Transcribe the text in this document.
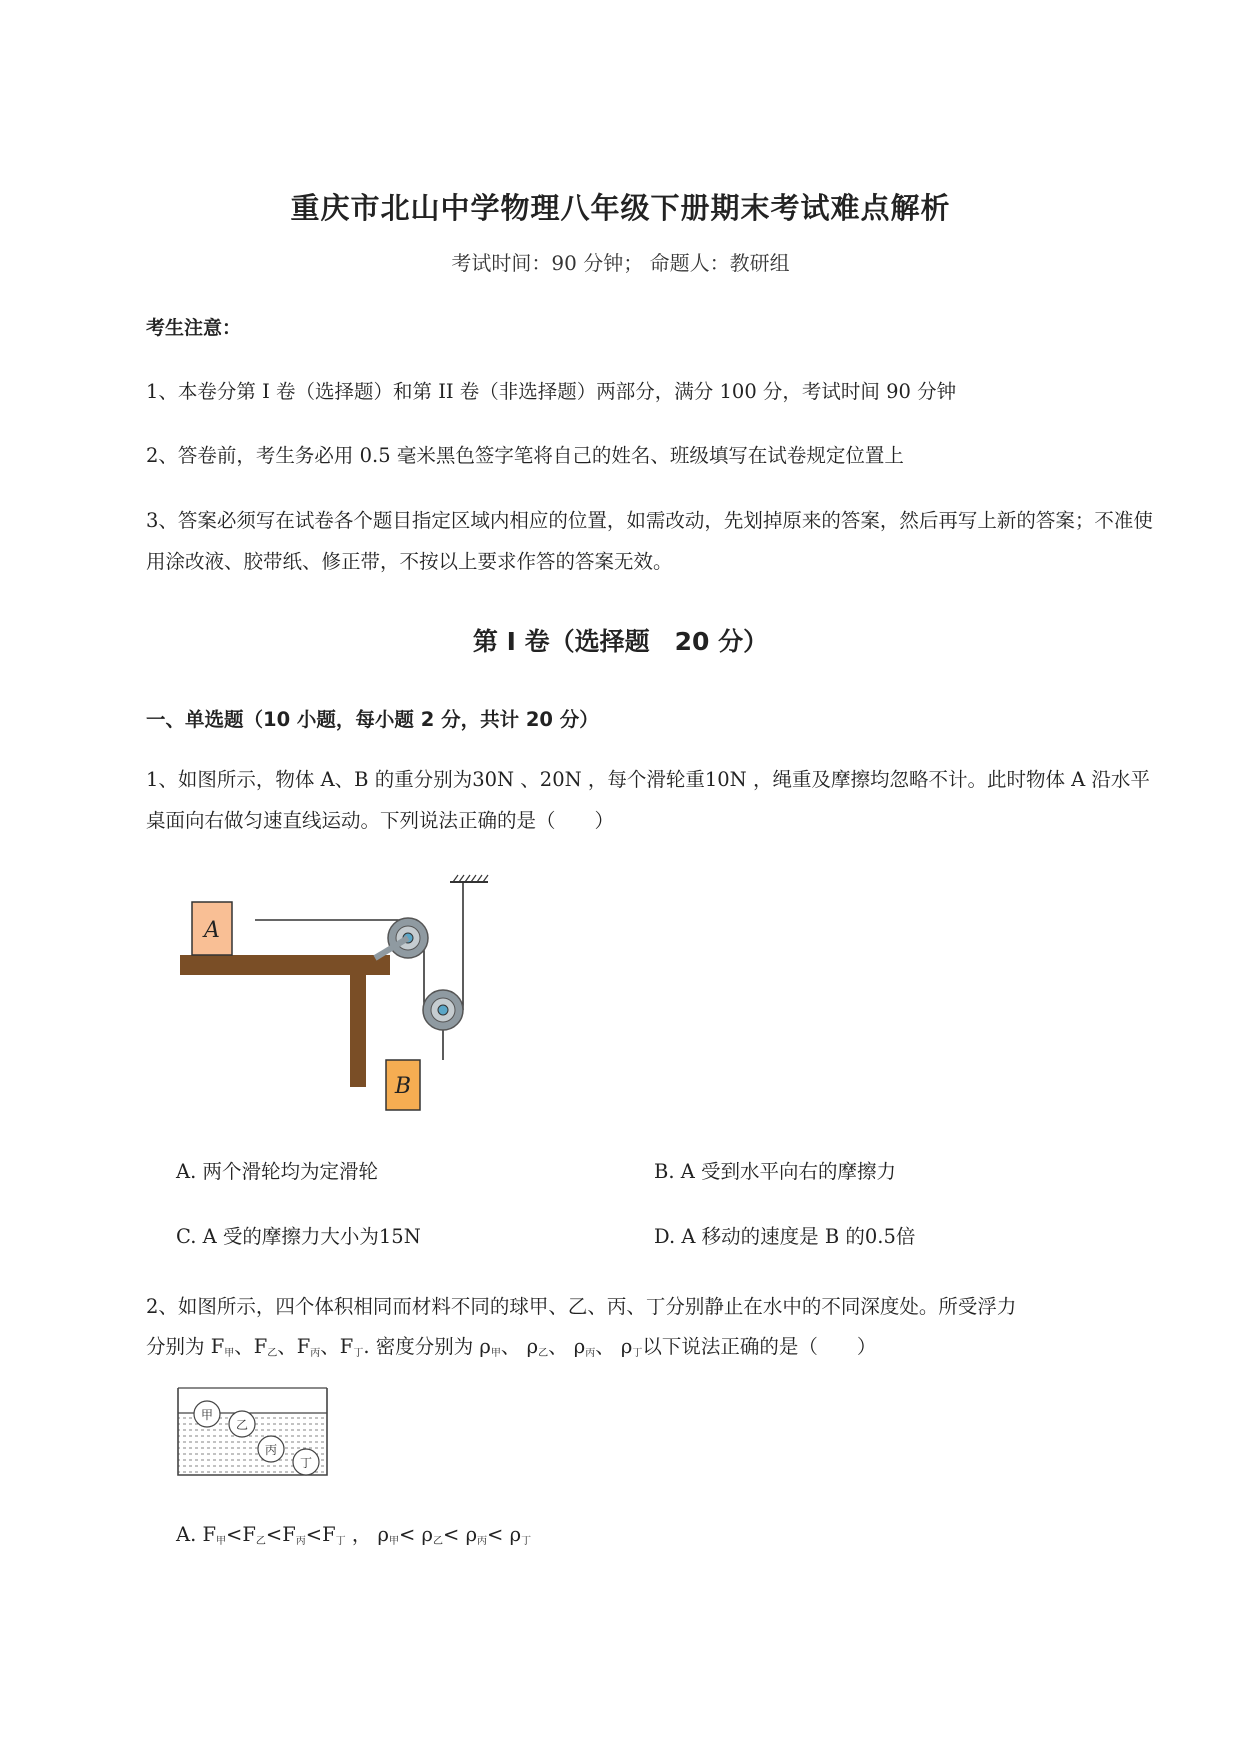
重庆市北山中学物理八年级下册期末考试难点解析
考试时间：90 分钟； 命题人：教研组
考生注意：
1、本卷分第 I 卷（选择题）和第 II 卷（非选择题）两部分，满分 100 分，考试时间 90 分钟
2、答卷前，考生务必用 0.5 毫米黑色签字笔将自己的姓名、班级填写在试卷规定位置上
3、答案必须写在试卷各个题目指定区域内相应的位置，如需改动，先划掉原来的答案，然后再写上新的答案；不准使用涂改液、胶带纸、修正带，不按以上要求作答的答案无效。
第 I 卷（选择题　20 分）
一、单选题（10 小题，每小题 2 分，共计 20 分）
1、如图所示，物体 A、B 的重分别为30N 、20N ，每个滑轮重10N ，绳重及摩擦均忽略不计。此时物体 A 沿水平桌面向右做匀速直线运动。下列说法正确的是（　　）
A
B
A. 两个滑轮均为定滑轮	B. A 受到水平向右的摩擦力
C. A 受的摩擦力大小为15N	D. A 移动的速度是 B 的0.5倍
2、如图所示，四个体积相同而材料不同的球甲、乙、丙、丁分别静止在水中的不同深度处。所受浮力
分别为 $F_甲$、$F_乙$、$F_丙$、$F_丁$. 密度分别为 $\rho_甲$、 $\rho_乙$、 $\rho_丙$、 $\rho_丁$以下说法正确的是（　　）
甲
乙
丙
丁
A. $F_甲<F_乙<F_丙<F_丁$ ， $\rho_甲< \rho_乙< \rho_丙< \rho_丁$
